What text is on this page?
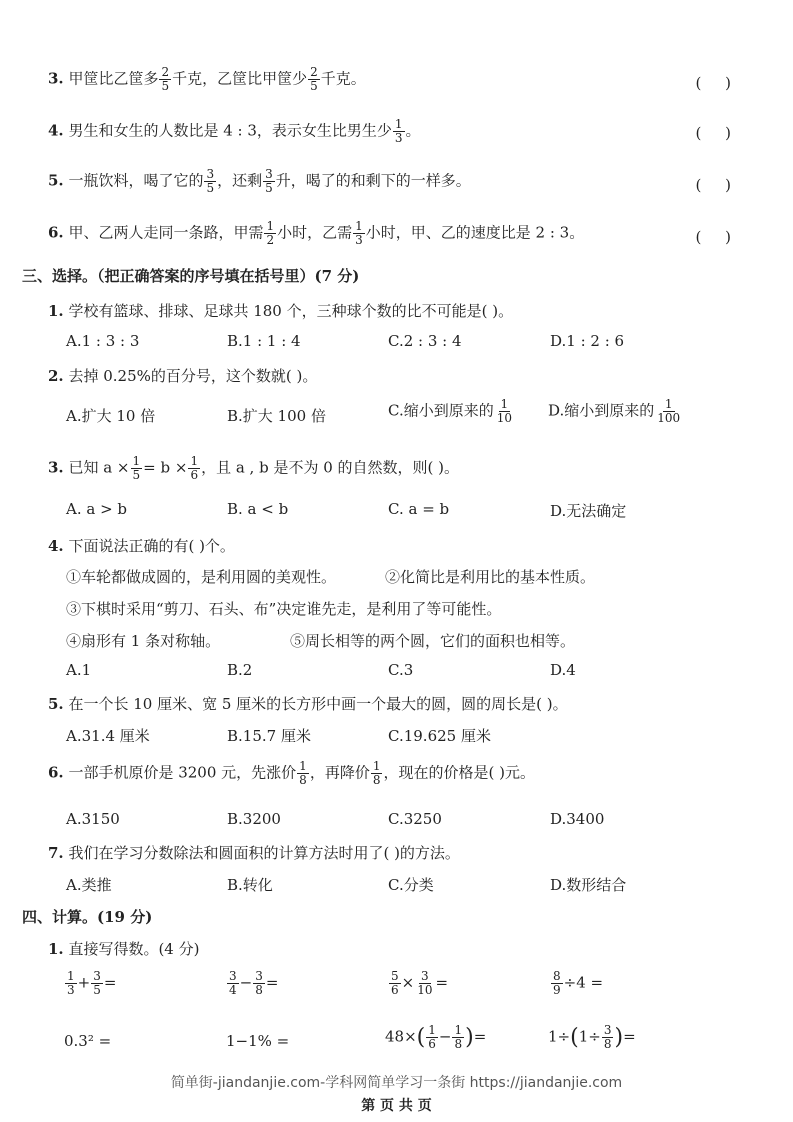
3. 甲筐比乙筐多 $\frac{2}{5}$ 千克，乙筐比甲筐少 $\frac{2}{5}$ 千克。	(     )
4. 男生和女生的人数比是 4 : 3，表示女生比男生少 $\frac{1}{3}$ 。	(     )
5. 一瓶饮料，喝了它的 $\frac{3}{5}$ ，还剩 $\frac{3}{5}$ 升，喝了的和剩下的一样多。	(     )
6. 甲、乙两人走同一条路，甲需 $\frac{1}{2}$ 小时，乙需 $\frac{1}{3}$ 小时，甲、乙的速度比是 2 : 3。	(     )
三、选择。（把正确答案的序号填在括号里）(7 分)
1. 学校有篮球、排球、足球共 180 个，三种球个数的比不可能是( )。
A.1 : 3 : 3	B.1 : 1 : 4	C.2 : 3 : 4	D.1 : 2 : 6
2. 去掉 0.25%的百分号，这个数就( )。
A.扩大 10 倍	B.扩大 100 倍	C.缩小到原来的 $\frac{1}{10} D$.缩小到原来的 $\frac{1}{100}$
3. 已知 $a \times \frac{1}{5} = b \times \frac{1}{6}$ ，且 a , b 是不为 0 的自然数，则( )。
A. a > b	B. a < b	C. a = b	D.无法确定
4. 下面说法正确的有( )个。
①车轮都做成圆的，是利用圆的美观性。	②化简比是利用比的基本性质。
③下棋时采用“剪刀、石头、布”决定谁先走，是利用了等可能性。
④扇形有 1 条对称轴。	⑤周长相等的两个圆，它们的面积也相等。
A.1	B.2	C.3	D.4
5. 在一个长 10 厘米、宽 5 厘米的长方形中画一个最大的圆，圆的周长是( )。
A.31.4 厘米	B.15.7 厘米	C.19.625 厘米
6. 一部手机原价是 3200 元，先涨价 $\frac{1}{8}$ ，再降价 $\frac{1}{8}$ ，现在的价格是( )元。
A.3150	B.3200	C.3250	D.3400
7. 我们在学习分数除法和圆面积的计算方法时用了( )的方法。
A.类推	B.转化	C.分类	D.数形结合
四、计算。(19 分)
1. 直接写得数。(4 分)
$\frac{1}{3} + \frac{3}{5}$ =	$\frac{3}{4} - \frac{3}{8}$ =	$\frac{5}{6} \times \frac{3}{10}$ =	$\frac{8}{9} \div 4$ =
0.3² =	1−1% =	$48\times( \frac{1}{6} - \frac{1}{8}$ )=	$1\div(1\div \frac{3}{8}$ )=
简单街-jiandanjie.com-学科网简单学习一条街 https://jiandanjie.com
第 页 共 页
